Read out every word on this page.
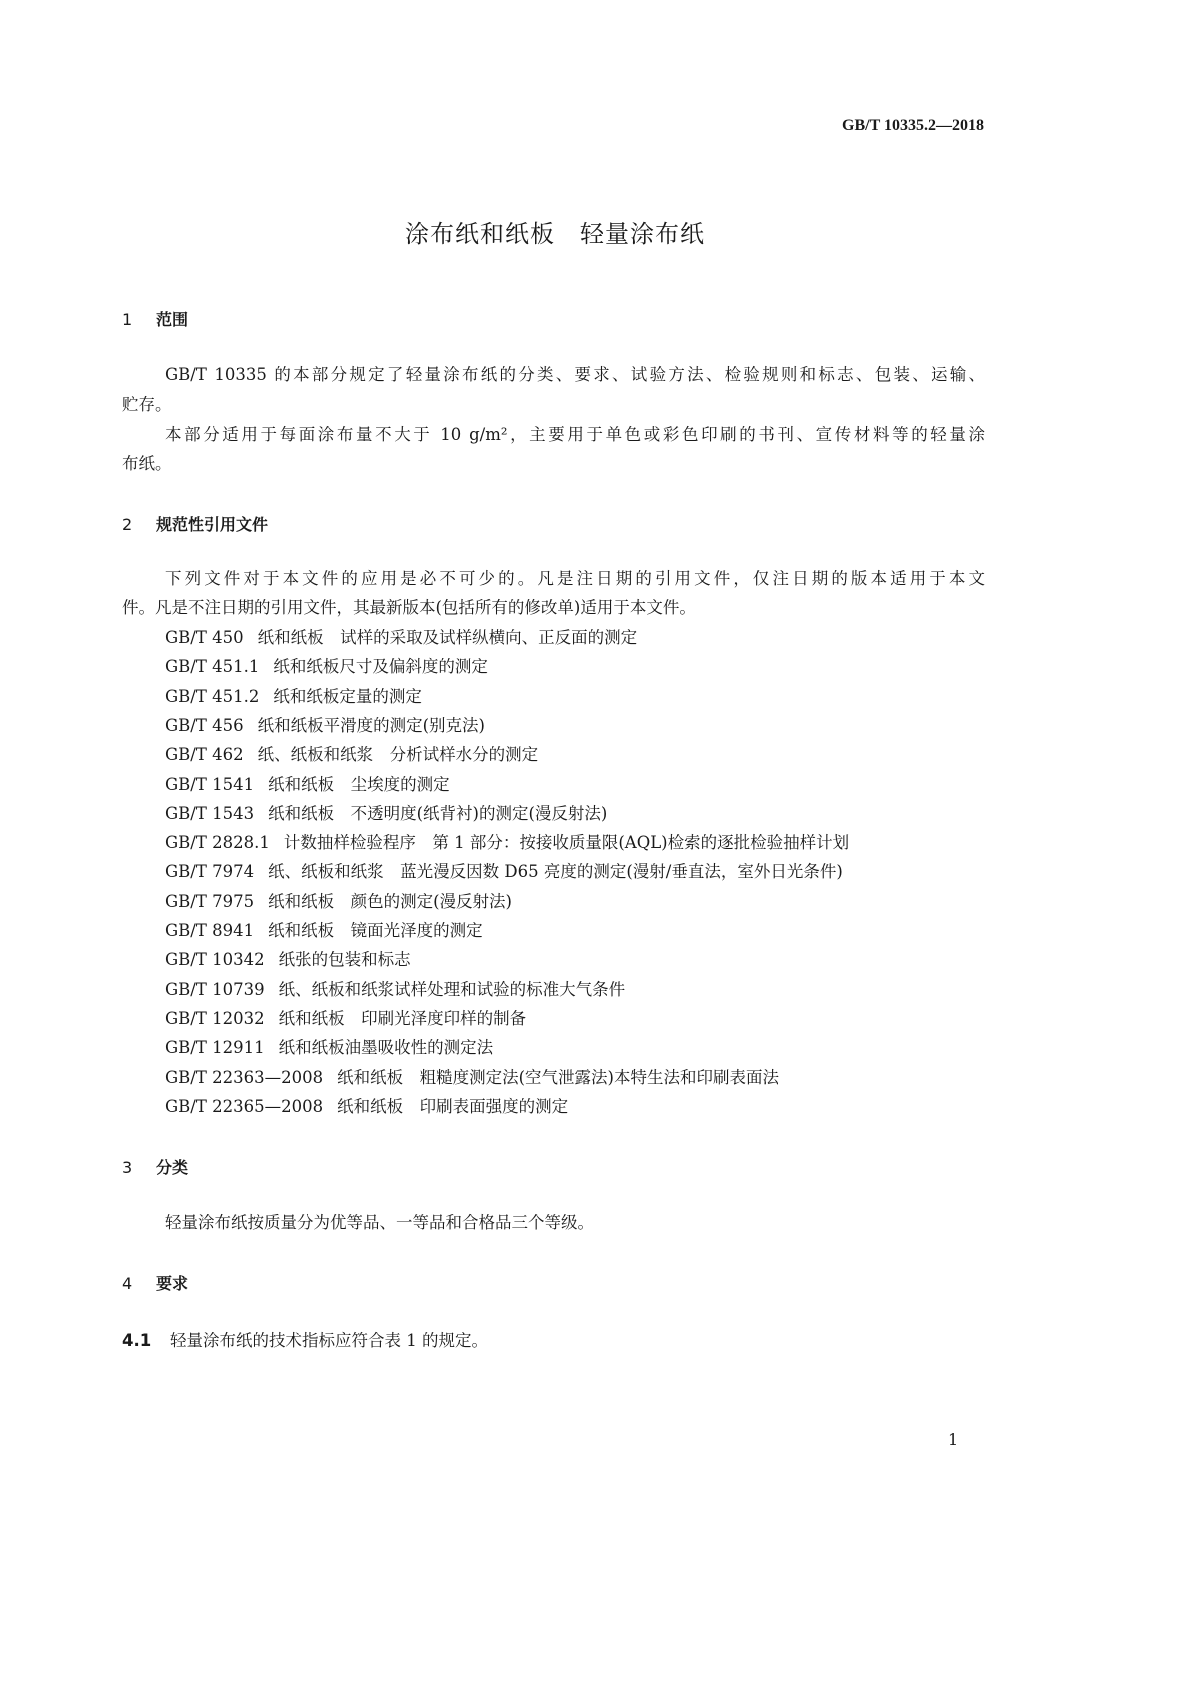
GB/T 10335.2—2018
涂布纸和纸板　轻量涂布纸
1 范围
GB/T 10335 的本部分规定了轻量涂布纸的分类、要求、试验方法、检验规则和标志、包装、运输、
贮存。
本部分适用于每面涂布量不大于 10 g/m²，主要用于单色或彩色印刷的书刊、宣传材料等的轻量涂
布纸。
2 规范性引用文件
下列文件对于本文件的应用是必不可少的。凡是注日期的引用文件，仅注日期的版本适用于本文
件。凡是不注日期的引用文件，其最新版本(包括所有的修改单)适用于本文件。
GB/T 450 纸和纸板　试样的采取及试样纵横向、正反面的测定
GB/T 451.1 纸和纸板尺寸及偏斜度的测定
GB/T 451.2 纸和纸板定量的测定
GB/T 456 纸和纸板平滑度的测定(别克法)
GB/T 462 纸、纸板和纸浆　分析试样水分的测定
GB/T 1541 纸和纸板　尘埃度的测定
GB/T 1543 纸和纸板　不透明度(纸背衬)的测定(漫反射法)
GB/T 2828.1 计数抽样检验程序　第 1 部分：按接收质量限(AQL)检索的逐批检验抽样计划
GB/T 7974 纸、纸板和纸浆　蓝光漫反因数 D65 亮度的测定(漫射/垂直法，室外日光条件)
GB/T 7975 纸和纸板　颜色的测定(漫反射法)
GB/T 8941 纸和纸板　镜面光泽度的测定
GB/T 10342 纸张的包装和标志
GB/T 10739 纸、纸板和纸浆试样处理和试验的标准大气条件
GB/T 12032 纸和纸板　印刷光泽度印样的制备
GB/T 12911 纸和纸板油墨吸收性的测定法
GB/T 22363—2008 纸和纸板　粗糙度测定法(空气泄露法)本特生法和印刷表面法
GB/T 22365—2008 纸和纸板　印刷表面强度的测定
3 分类
轻量涂布纸按质量分为优等品、一等品和合格品三个等级。
4 要求
4.1 轻量涂布纸的技术指标应符合表 1 的规定。
1
